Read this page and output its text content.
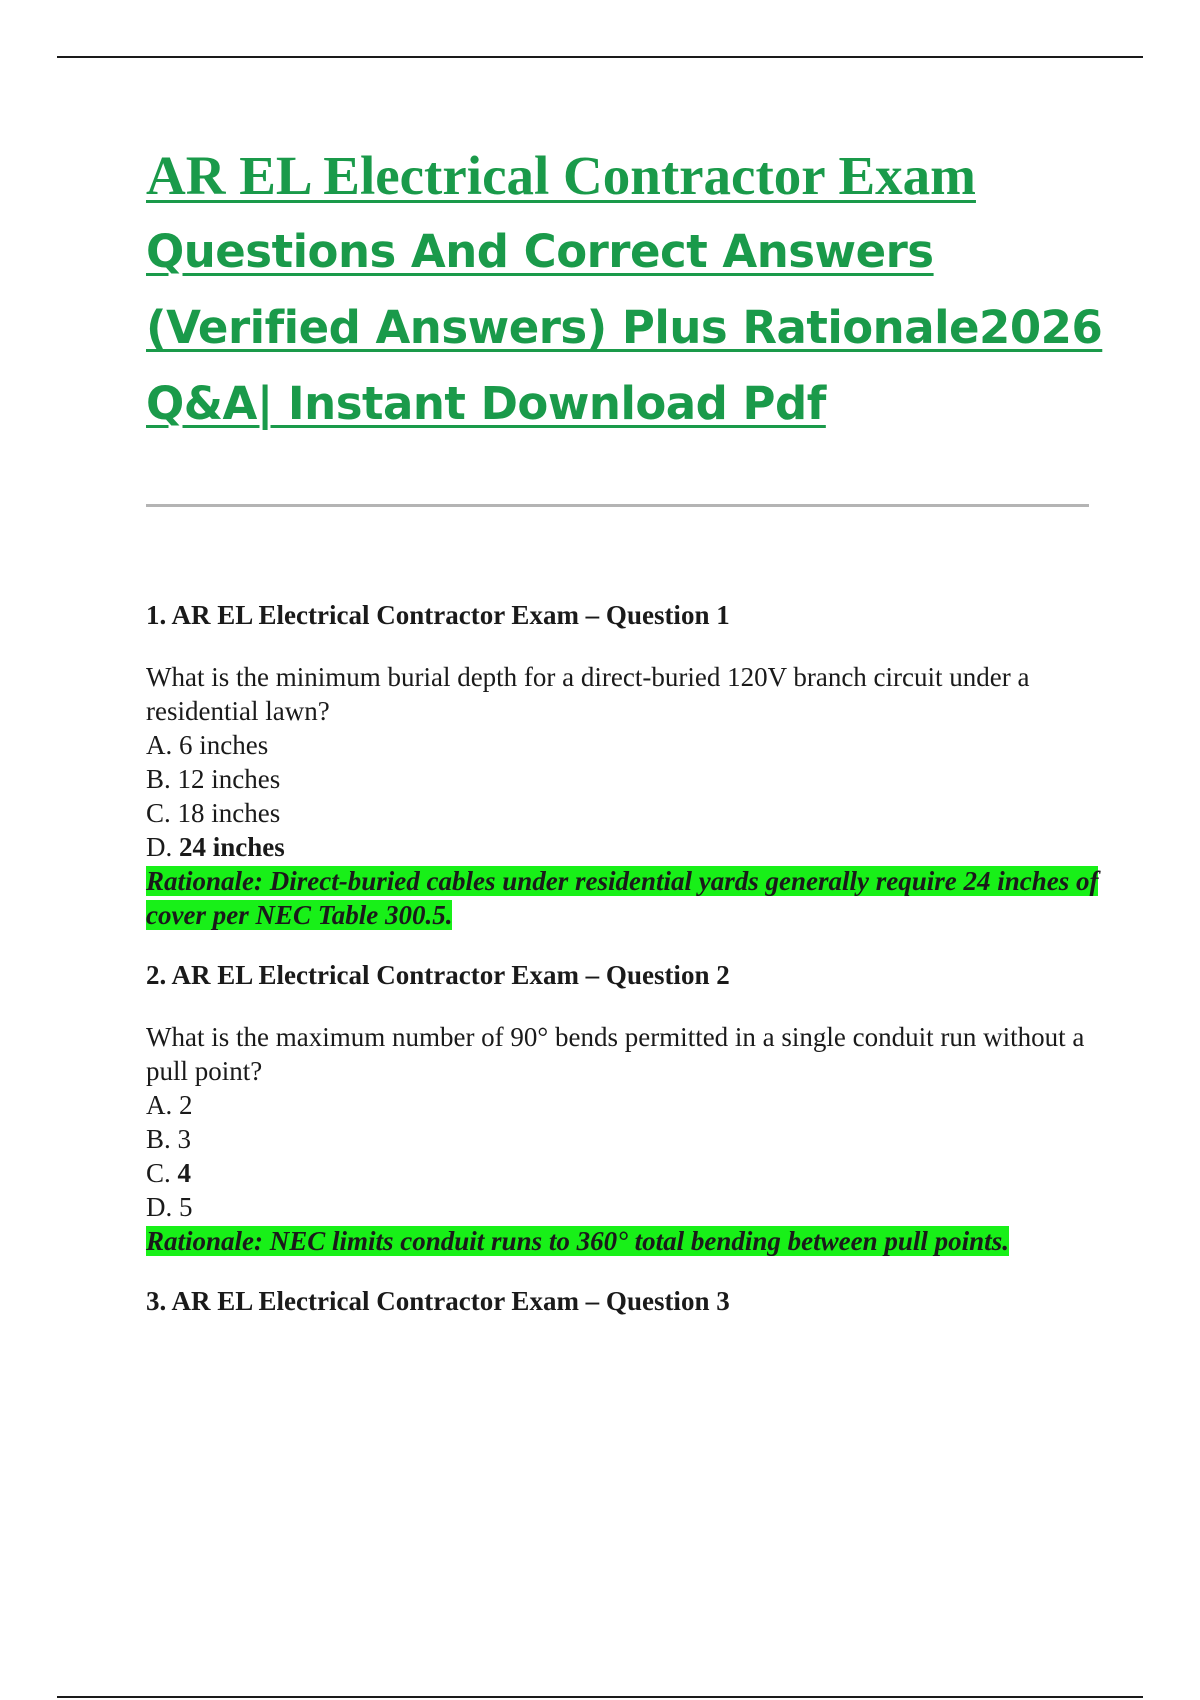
AR EL Electrical Contractor Exam
Questions And Correct Answers
(Verified Answers) Plus Rationale2026
Q&A| Instant Download Pdf

1. AR EL Electrical Contractor Exam – Question 1

What is the minimum burial depth for a direct-buried 120V branch circuit under a residential lawn?

A. 6 inches

B. 12 inches

C. 18 inches

D. 24 inches

Rationale: Direct-buried cables under residential yards generally require 24 inches of cover per NEC Table 300.5.

2. AR EL Electrical Contractor Exam – Question 2

What is the maximum number of 90° bends permitted in a single conduit run without a pull point?

A. 2

B. 3

C. 4

D. 5

Rationale: NEC limits conduit runs to 360° total bending between pull points.

3. AR EL Electrical Contractor Exam – Question 3
